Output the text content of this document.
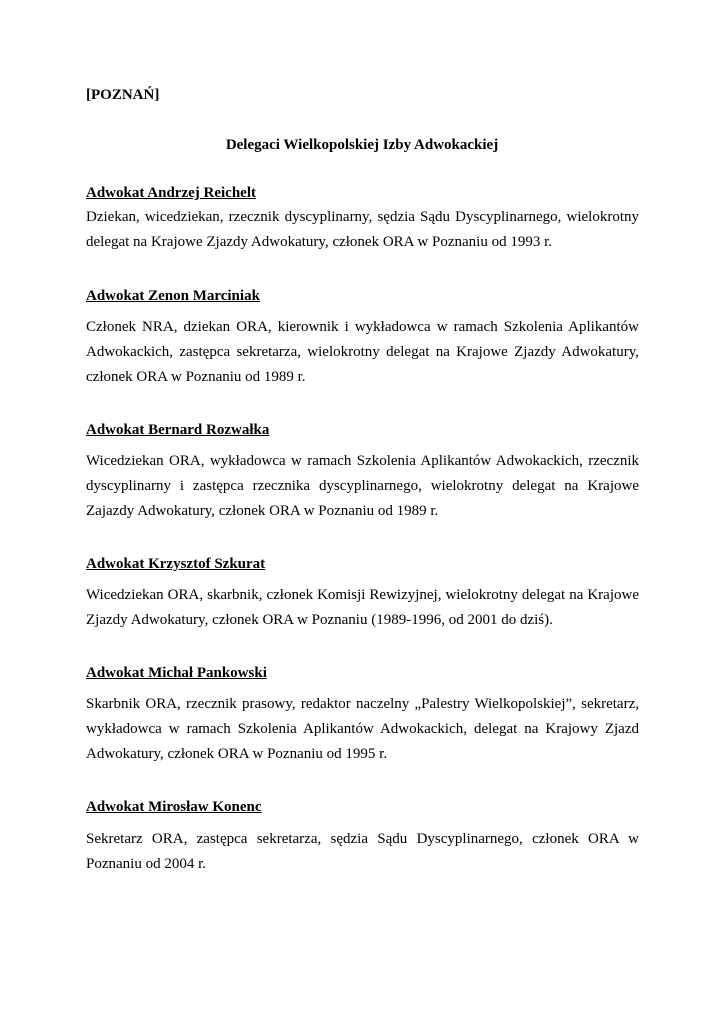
[POZNAŃ]

Delegaci Wielkopolskiej Izby Adwokackiej

Adwokat Andrzej Reichelt

Dziekan, wicedziekan, rzecznik dyscyplinarny, sędzia Sądu Dyscyplinarnego, wielokrotny delegat na Krajowe Zjazdy Adwokatury, członek ORA w Poznaniu od 1993 r.

Adwokat Zenon Marciniak

Członek NRA, dziekan ORA, kierownik i wykładowca w ramach Szkolenia Aplikantów Adwokackich, zastępca sekretarza, wielokrotny delegat na Krajowe Zjazdy Adwokatury, członek ORA w Poznaniu od 1989 r.

Adwokat Bernard Rozwałka

Wicedziekan ORA, wykładowca w ramach Szkolenia Aplikantów Adwokackich, rzecznik dyscyplinarny i zastępca rzecznika dyscyplinarnego, wielokrotny delegat na Krajowe Zajazdy Adwokatury, członek ORA w Poznaniu od 1989 r.

Adwokat Krzysztof Szkurat

Wicedziekan ORA, skarbnik, członek Komisji Rewizyjnej, wielokrotny delegat na Krajowe Zjazdy Adwokatury, członek ORA w Poznaniu (1989-1996, od 2001 do dziś).

Adwokat Michał Pankowski

Skarbnik ORA, rzecznik prasowy, redaktor naczelny „Palestry Wielkopolskiej”, sekretarz, wykładowca w ramach Szkolenia Aplikantów Adwokackich, delegat na Krajowy Zjazd Adwokatury, członek ORA w Poznaniu od 1995 r.

Adwokat Mirosław Konenc

Sekretarz ORA, zastępca sekretarza, sędzia Sądu Dyscyplinarnego, członek ORA w Poznaniu od 2004 r.
